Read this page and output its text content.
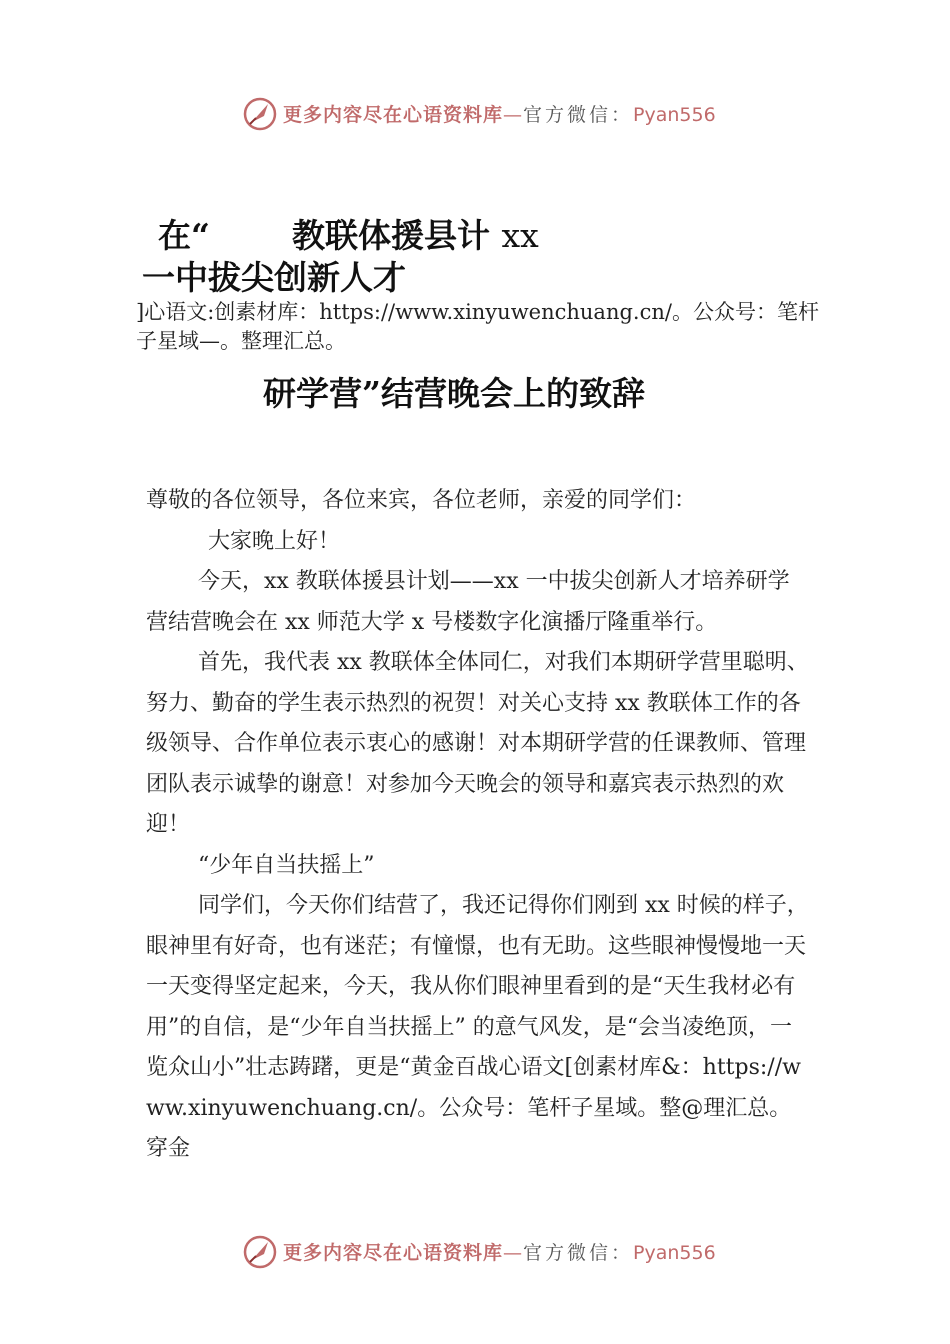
更多内容尽在心语资料库—官方微信：Pyan556
在“ 教联体援县计 xx
一中拔尖创新人才
]心语文:创素材库：https://www.xinyuwenchuang.cn/。公众号：笔杆子星域—。整理汇总。
研学营”结营晚会上的致辞

尊敬的各位领导，各位来宾，各位老师，亲爱的同学们：

大家晚上好！

今天，xx 教联体援县计划——xx 一中拔尖创新人才培养研学营结营晚会在 xx 师范大学 x 号楼数字化演播厅隆重举行。

首先，我代表 xx 教联体全体同仁，对我们本期研学营里聪明、努力、勤奋的学生表示热烈的祝贺！对关心支持 xx 教联体工作的各级领导、合作单位表示衷心的感谢！对本期研学营的任课教师、管理团队表示诚挚的谢意！对参加今天晚会的领导和嘉宾表示热烈的欢迎！

“少年自当扶摇上”

同学们，今天你们结营了，我还记得你们刚到 xx 时候的样子，眼神里有好奇，也有迷茫；有憧憬，也有无助。这些眼神慢慢地一天一天变得坚定起来，今天，我从你们眼神里看到的是“天生我材必有用”的自信，是“少年自当扶摇上” 的意气风发，是“会当凌绝顶，一览众山小”壮志踌躇，更是“黄金百战心语文[创素材库&：https://www.xinyuwenchuang.cn/。公众号：笔杆子星域。整@理汇总。穿金

更多内容尽在心语资料库—官方微信：Pyan556
